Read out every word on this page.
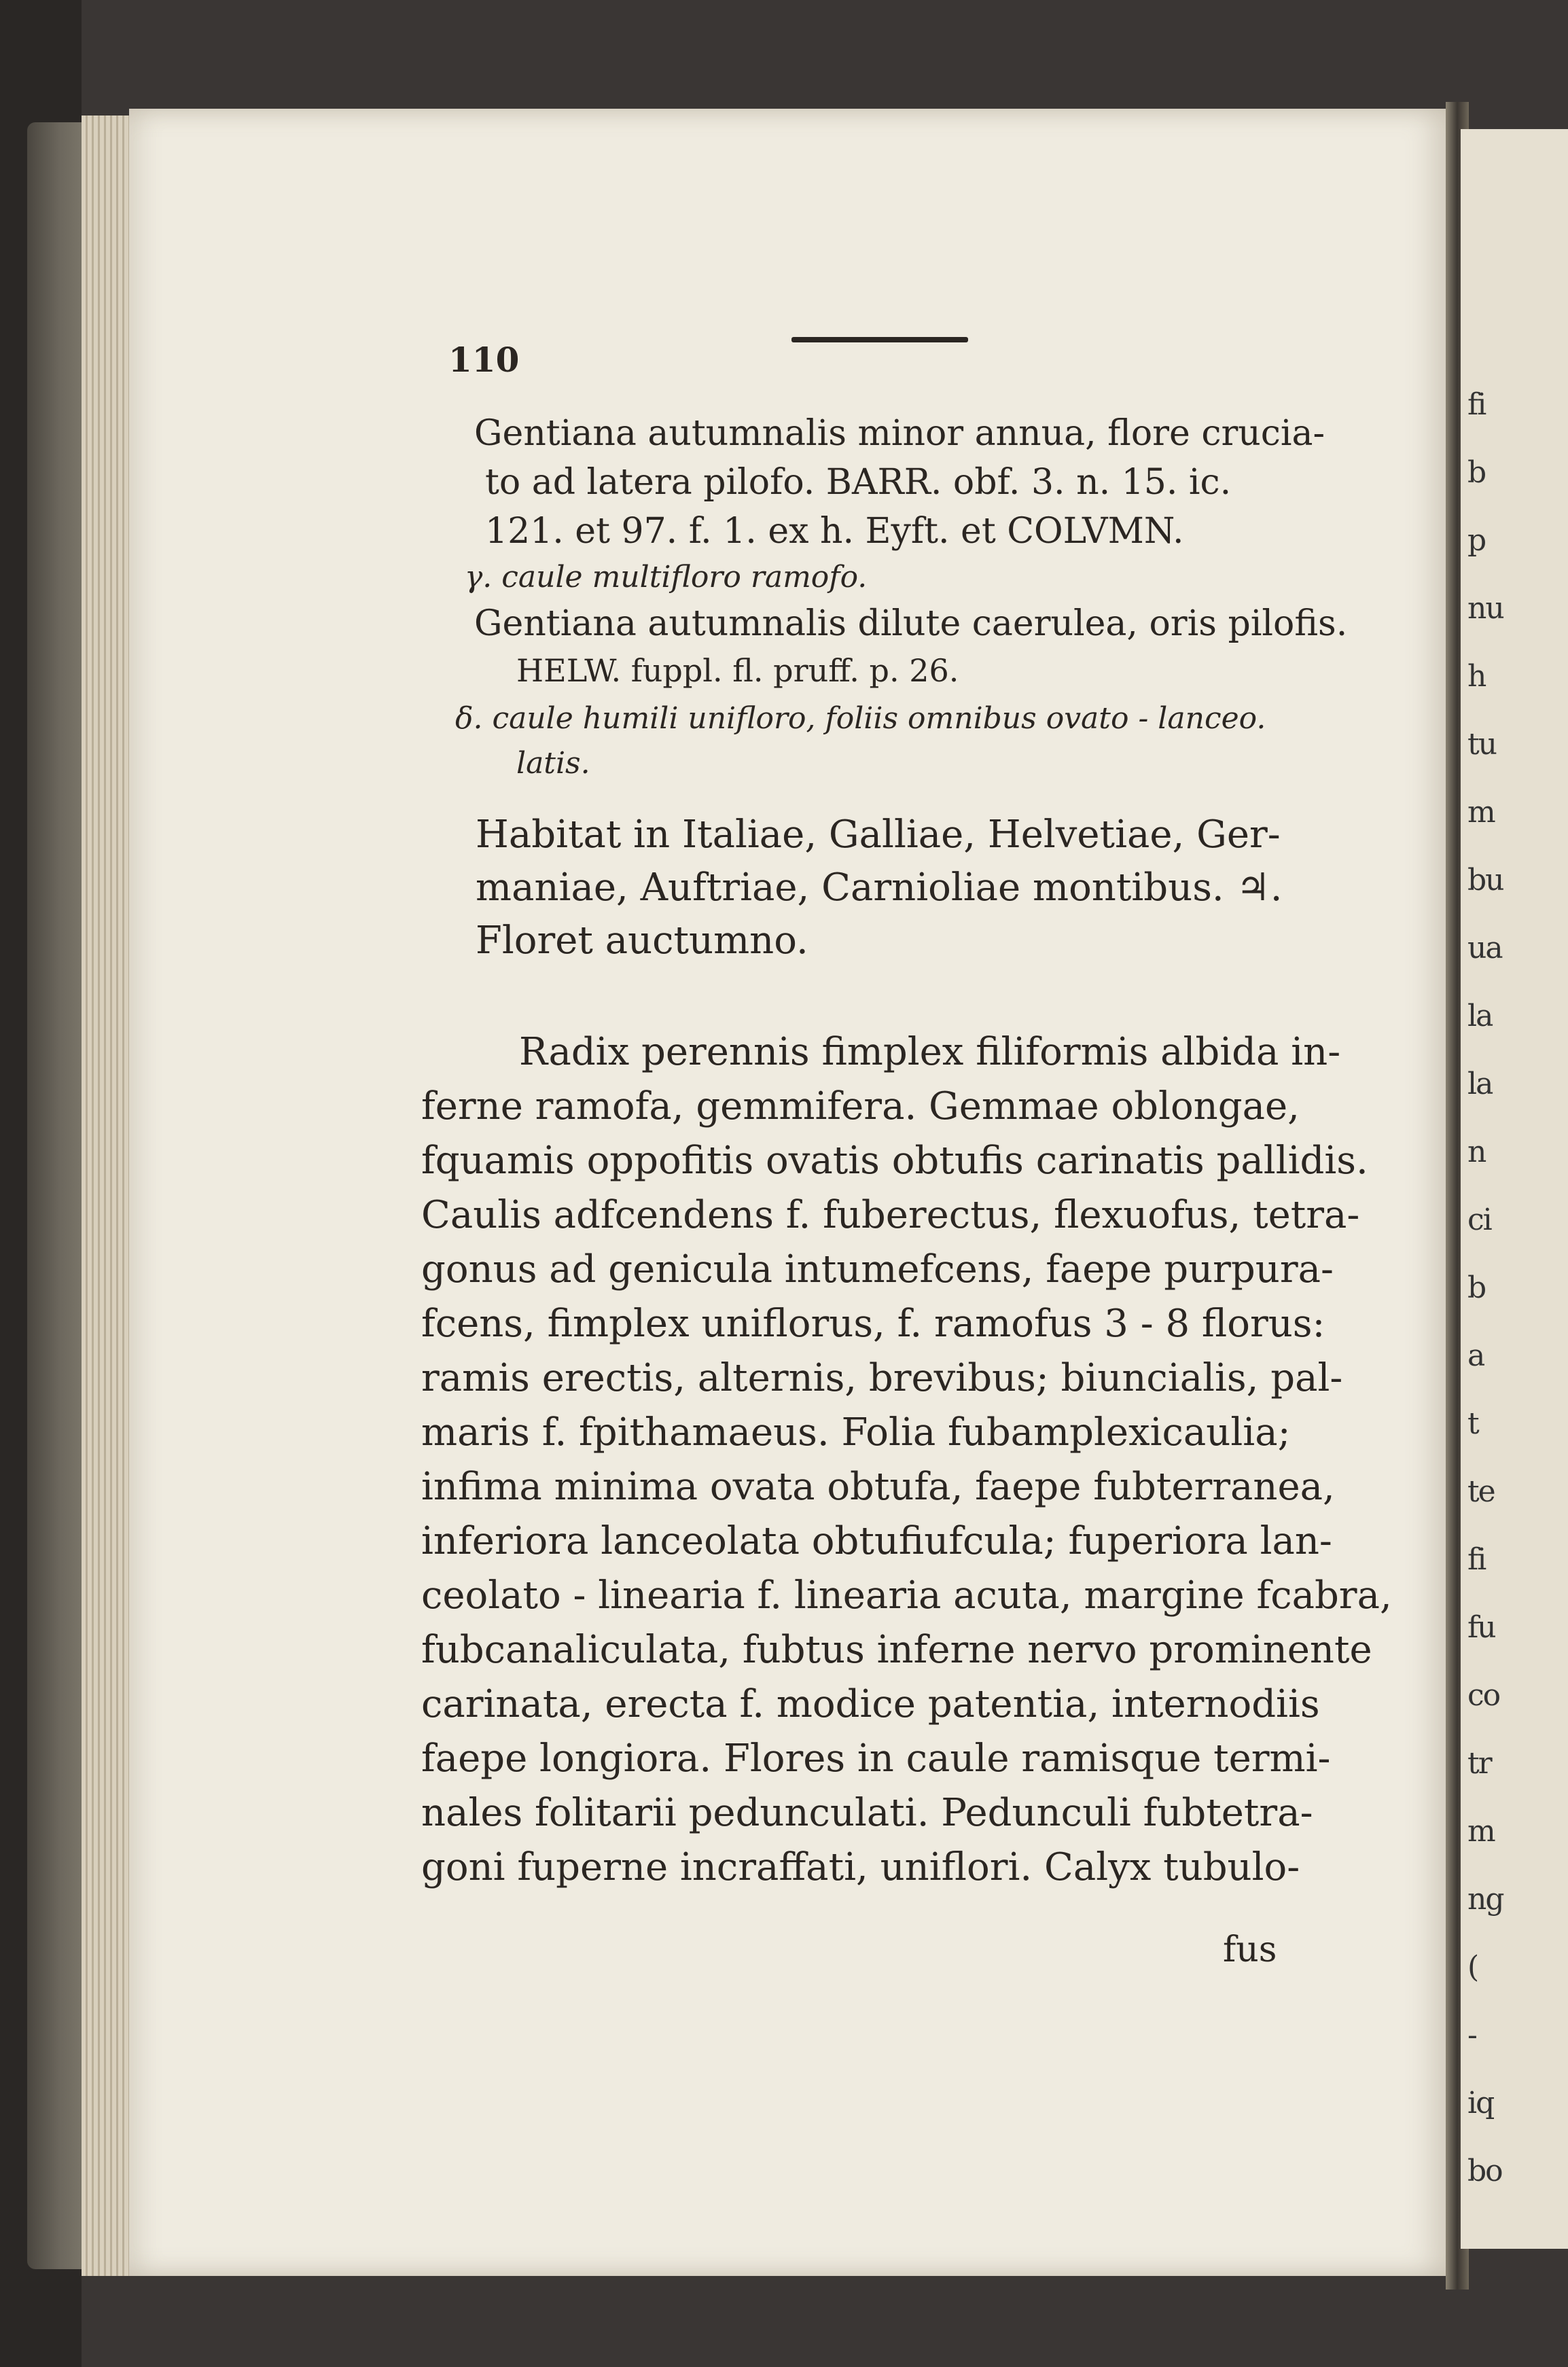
fi
b
p
nu
h
tu
m
bu
ua
la
la
n
ci
b
a
t
te
fi
fu
co
tr
m
ng
(
-
iq
bo
110
Gentiana autumnalis minor annua, flore crucia-
to ad latera pilofo. BARR. obf. 3. n. 15. ic.
121. et 97. f. 1. ex h. Eyft. et COLVMN.
γ. caule multifloro ramofo.
Gentiana autumnalis dilute caerulea, oris pilofis.
HELW. fuppl. fl. pruff. p. 26.
δ. caule humili unifloro, foliis omnibus ovato - lanceo.
latis.
Habitat in Italiae, Galliae, Helvetiae, Ger-
maniae, Auftriae, Carnioliae montibus. ♃.
Floret auctumno.
Radix perennis fimplex filiformis albida in-
ferne ramofa, gemmifera. Gemmae oblongae,
fquamis oppofitis ovatis obtufis carinatis pallidis.
Caulis adfcendens f. fuberectus, flexuofus, tetra-
gonus ad genicula intumefcens, faepe purpura-
fcens, fimplex uniflorus, f. ramofus 3 - 8 florus:
ramis erectis, alternis, brevibus; biuncialis, pal-
maris f. fpithamaeus. Folia fubamplexicaulia;
infima minima ovata obtufa, faepe fubterranea,
inferiora lanceolata obtufiufcula; fuperiora lan-
ceolato - linearia f. linearia acuta, margine fcabra,
fubcanaliculata, fubtus inferne nervo prominente
carinata, erecta f. modice patentia, internodiis
faepe longiora. Flores in caule ramisque termi-
nales folitarii pedunculati. Pedunculi fubtetra-
goni fuperne incraffati, uniflori. Calyx tubulo-
fus
